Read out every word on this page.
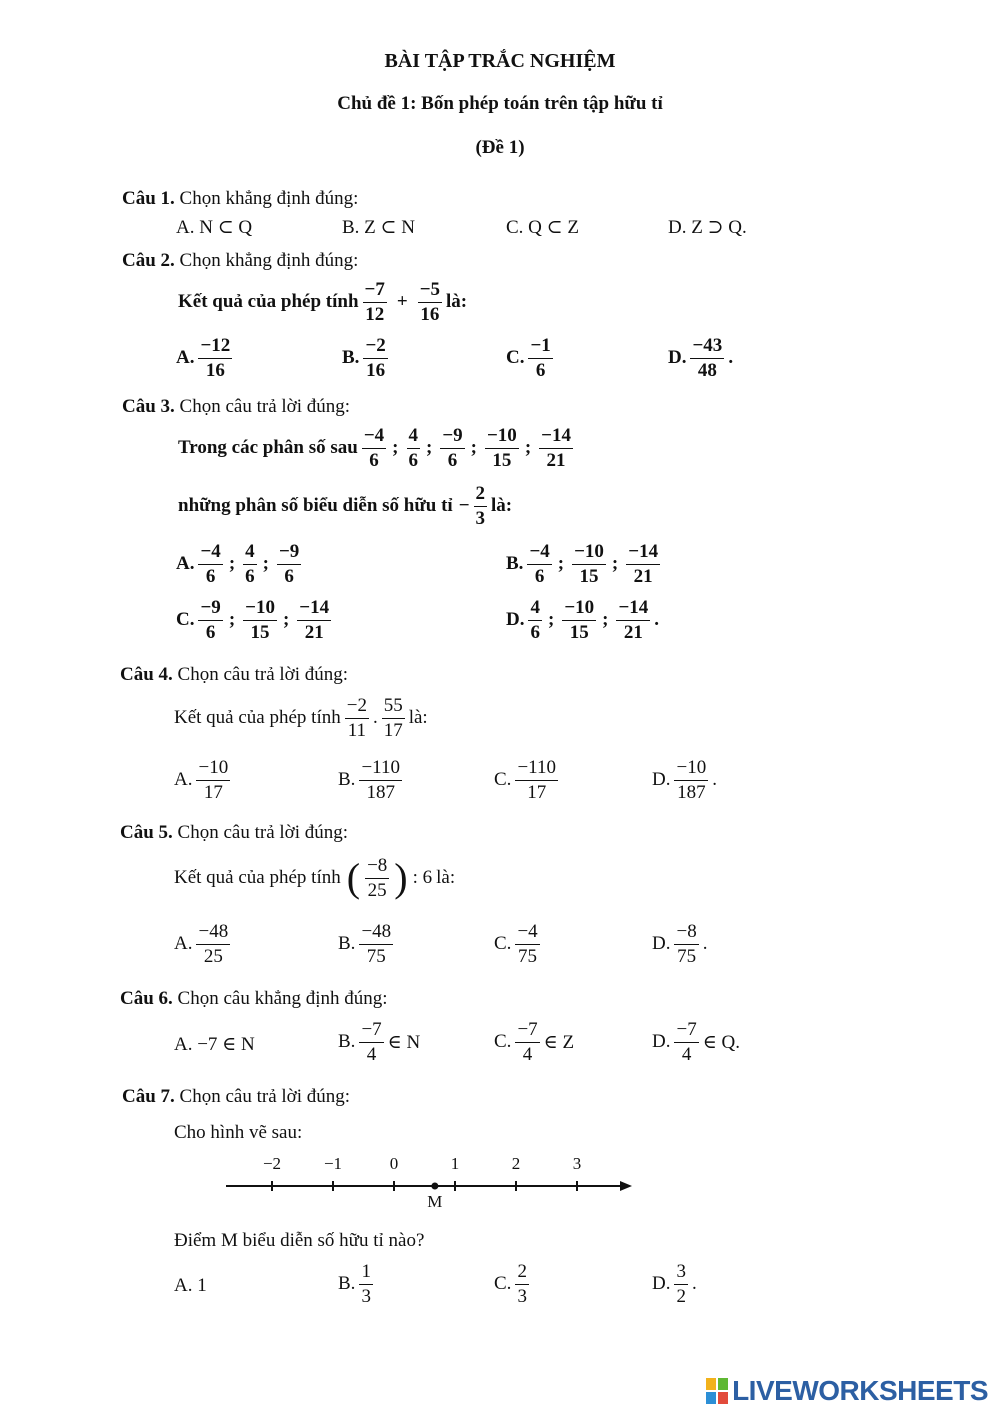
BÀI TẬP TRẮC NGHIỆM
Chủ đề 1: Bốn phép toán trên tập hữu tỉ
(Đề 1)
Câu 1. Chọn khẳng định đúng:
A. N ⊂ Q	B. Z ⊂ N	C. Q ⊂ Z	D. Z ⊃ Q.
Câu 2. Chọn khẳng định đúng:
Kết quả của phép tính $\frac{-7}{12} + \frac{-5}{16}$ là:
A. $\frac{-12}{16}$	B. $\frac{-2}{16}$	C. $\frac{-1}{6}$	D. $\frac{-43}{48}$ .
Câu 3. Chọn câu trả lời đúng:
Trong các phân số sau $\frac{-4}{6}$ ; $\frac{4}{6}$ ; $\frac{-9}{6}$ ; $\frac{-10}{15}$ ; $\frac{-14}{21}$
những phân số biểu diễn số hữu tỉ − $\frac{2}{3}$ là:
A. $\frac{-4}{6}$ ; $\frac{4}{6}$ ; $\frac{-9}{6}$	B. $\frac{-4}{6}$ ; $\frac{-10}{15}$ ; $\frac{-14}{21}$
C. $\frac{-9}{6}$ ; $\frac{-10}{15}$ ; $\frac{-14}{21}$	D. $\frac{4}{6}$ ; $\frac{-10}{15}$ ; $\frac{-14}{21}$ .
Câu 4. Chọn câu trả lời đúng:
Kết quả của phép tính $\frac{-2}{11}$ . $\frac{55}{17}$ là:
A. $\frac{-10}{17}$	B. $\frac{-110}{187}$	C. $\frac{-110}{17}$	D. $\frac{-10}{187}$ .
Câu 5. Chọn câu trả lời đúng:
Kết quả của phép tính ( $\frac{-8}{25}$ ) : 6 là:
A. $\frac{-48}{25}$	B. $\frac{-48}{75}$	C. $\frac{-4}{75}$	D. $\frac{-8}{75}$ .
Câu 6. Chọn câu khẳng định đúng:
A. −7 ∈ N	B. $\frac{-7}{4}$ ∈ N	C. $\frac{-7}{4}$ ∈ Z	D. $\frac{-7}{4}$ ∈ Q.
Câu 7. Chọn câu trả lời đúng:
Cho hình vẽ sau:
−2	−1	0	1	2	3
M
Điểm M biểu diễn số hữu tỉ nào?
A. 1	B. $\frac{1}{3}$	C. $\frac{2}{3}$	D. $\frac{3}{2}$ .
LIVEWORKSHEETS
